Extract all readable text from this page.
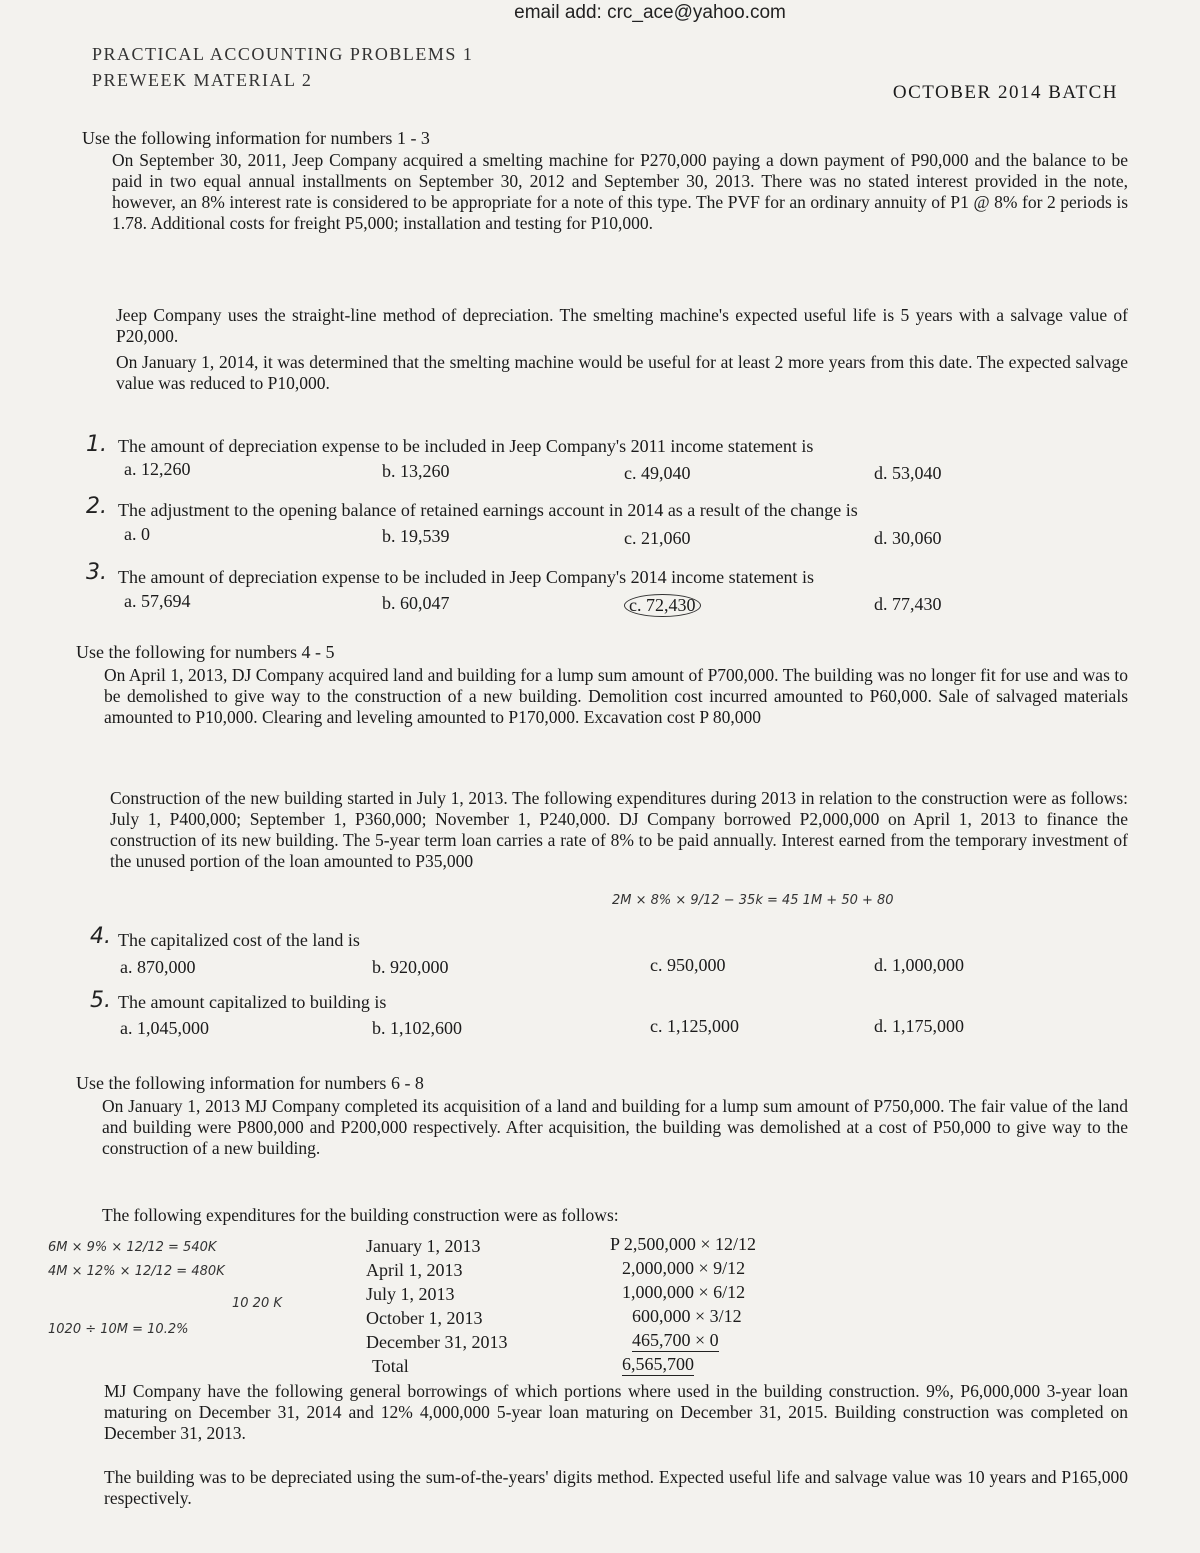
email add: crc_ace@yahoo.com
PRACTICAL ACCOUNTING PROBLEMS 1
PREWEEK MATERIAL 2
OCTOBER 2014 BATCH
Use the following information for numbers 1 - 3

On September 30, 2011, Jeep Company acquired a smelting machine for P270,000 paying a down payment of P90,000 and the balance to be paid in two equal annual installments on September 30, 2012 and September 30, 2013. There was no stated interest provided in the note, however, an 8% interest rate is considered to be appropriate for a note of this type. The PVF for an ordinary annuity of P1 @ 8% for 2 periods is 1.78. Additional costs for freight P5,000; installation and testing for P10,000.

Jeep Company uses the straight-line method of depreciation. The smelting machine's expected useful life is 5 years with a salvage value of P20,000.

On January 1, 2014, it was determined that the smelting machine would be useful for at least 2 more years from this date. The expected salvage value was reduced to P10,000.

1. The amount of depreciation expense to be included in Jeep Company's 2011 income statement is
a. 12,260	b. 13,260	c. 49,040	d. 53,040
2. The adjustment to the opening balance of retained earnings account in 2014 as a result of the change is
a. 0	b. 19,539	c. 21,060	d. 30,060
3. The amount of depreciation expense to be included in Jeep Company's 2014 income statement is
a. 57,694	b. 60,047	c. 72,430	d. 77,430
Use the following for numbers 4 - 5

On April 1, 2013, DJ Company acquired land and building for a lump sum amount of P700,000. The building was no longer fit for use and was to be demolished to give way to the construction of a new building. Demolition cost incurred amounted to P60,000. Sale of salvaged materials amounted to P10,000. Clearing and leveling amounted to P170,000. Excavation cost P 80,000

Construction of the new building started in July 1, 2013. The following expenditures during 2013 in relation to the construction were as follows: July 1, P400,000; September 1, P360,000; November 1, P240,000. DJ Company borrowed P2,000,000 on April 1, 2013 to finance the construction of its new building. The 5-year term loan carries a rate of 8% to be paid annually. Interest earned from the temporary investment of the unused portion of the loan amounted to P35,000

2M × 8% × 9/12 − 35k = 45 1M + 50 + 80
4. The capitalized cost of the land is
a. 870,000	b. 920,000	c. 950,000	d. 1,000,000
5. The amount capitalized to building is
a. 1,045,000	b. 1,102,600	c. 1,125,000	d. 1,175,000
Use the following information for numbers 6 - 8

On January 1, 2013 MJ Company completed its acquisition of a land and building for a lump sum amount of P750,000. The fair value of the land and building were P800,000 and P200,000 respectively. After acquisition, the building was demolished at a cost of P50,000 to give way to the construction of a new building.

The following expenditures for the building construction were as follows:

January 1, 2013	P 2,500,000 × 12/12
April 1, 2013	2,000,000 × 9/12
July 1, 2013	1,000,000 × 6/12
October 1, 2013	600,000 × 3/12
December 31, 2013	465,700 × 0
Total	6,565,700
6M × 9% × 12/12 = 540K
4M × 12% × 12/12 = 480K
1020 ÷ 10M = 10.2%
10 20 K

MJ Company have the following general borrowings of which portions where used in the building construction. 9%, P6,000,000 3-year loan maturing on December 31, 2014 and 12% 4,000,000 5-year loan maturing on December 31, 2015. Building construction was completed on December 31, 2013.

The building was to be depreciated using the sum-of-the-years' digits method. Expected useful life and salvage value was 10 years and P165,000 respectively.
